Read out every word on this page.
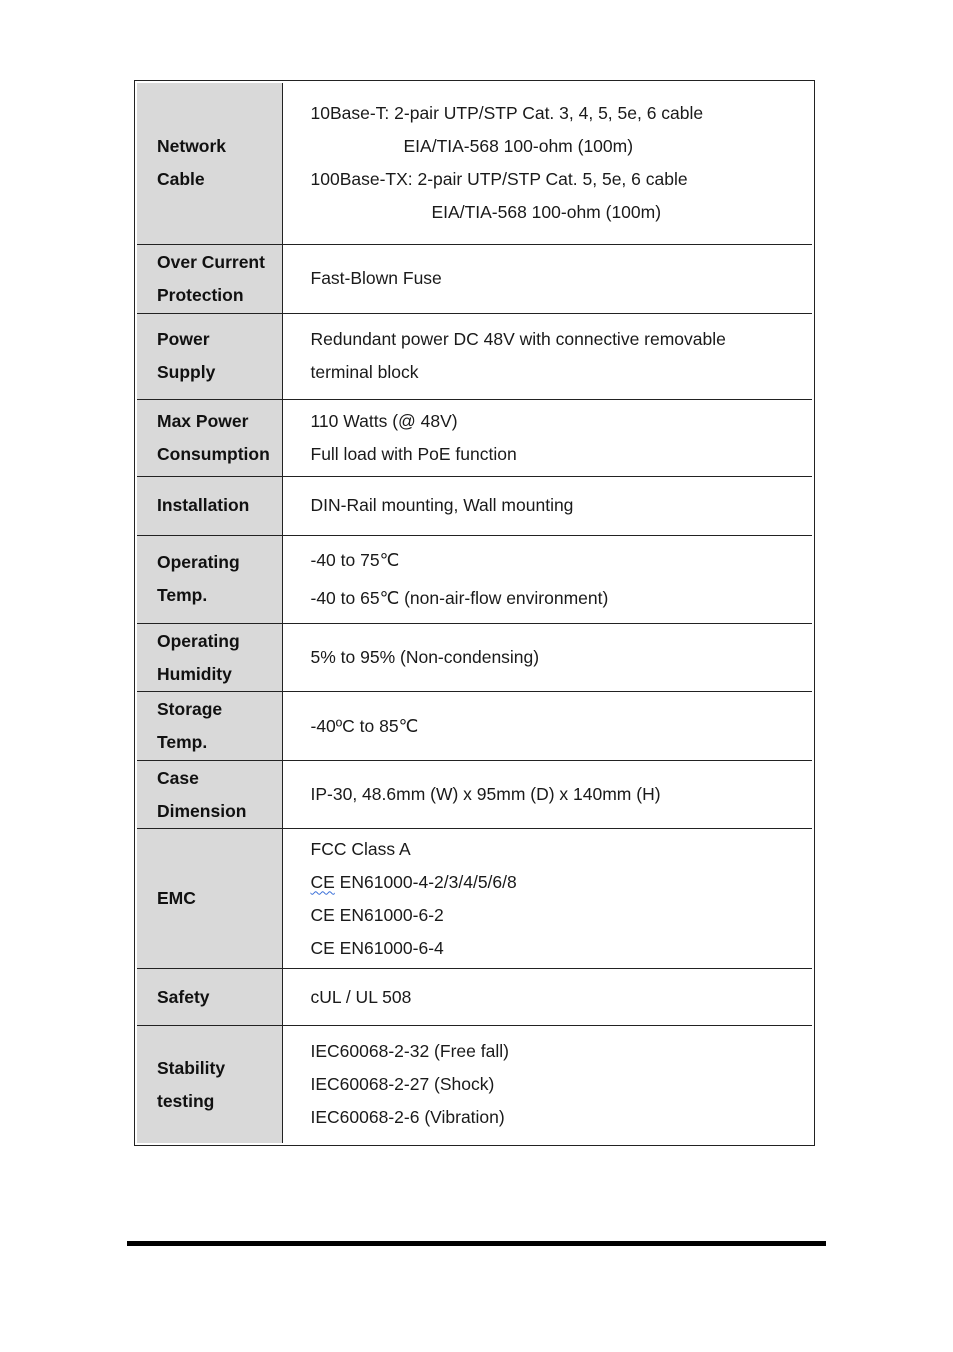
Network
Cable	10Base-T: 2-pair UTP/STP Cat. 3, 4, 5, 5e, 6 cable
EIA/TIA-568 100-ohm (100m)
100Base-TX: 2-pair UTP/STP Cat. 5, 5e, 6 cable
EIA/TIA-568 100-ohm (100m)

Over Current
Protection	Fast-Blown Fuse

Power
Supply	Redundant power DC 48V with connective removable
terminal block

Max Power
Consumption	110 Watts (@ 48V)
Full load with PoE function

Installation	DIN-Rail mounting, Wall mounting

Operating
Temp.	-40 to 75℃
-40 to 65℃ (non-air-flow environment)

Operating
Humidity	5% to 95% (Non-condensing)

Storage
Temp.	-40ºC to 85℃

Case
Dimension	IP-30, 48.6mm (W) x 95mm (D) x 140mm (H)

EMC	FCC Class A
CE EN61000-4-2/3/4/5/6/8
CE EN61000-6-2
CE EN61000-6-4

Safety	cUL / UL 508

Stability
testing	IEC60068-2-32 (Free fall)
IEC60068-2-27 (Shock)
IEC60068-2-6 (Vibration)
